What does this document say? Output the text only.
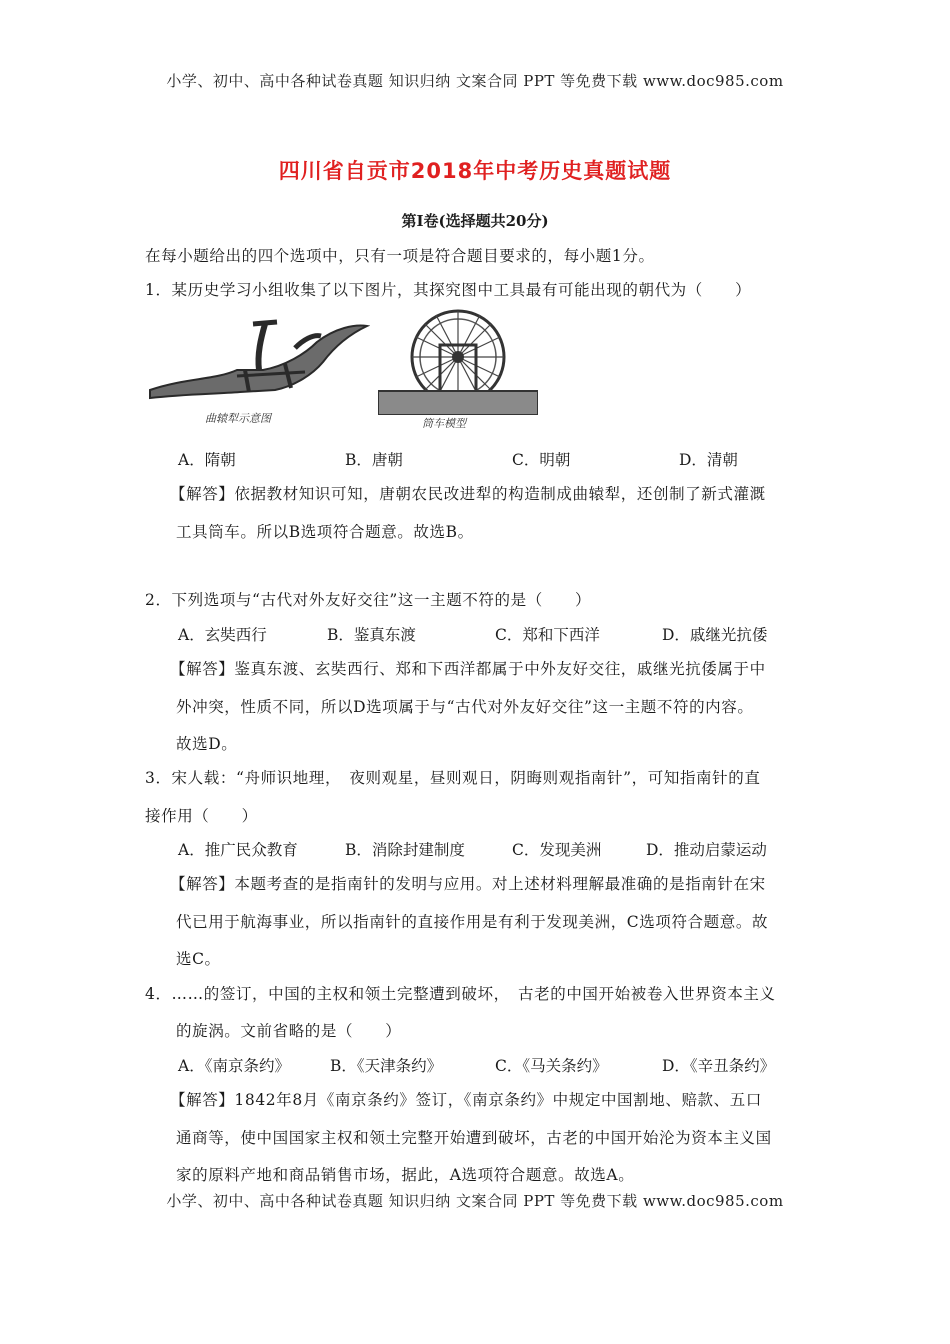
小学、初中、高中各种试卷真题 知识归纳 文案合同 PPT 等免费下载 www.doc985.com
四川省自贡市2018年中考历史真题试题
第Ⅰ卷(选择题共20分)
在每小题给出的四个选项中，只有一项是符合题目要求的，每小题1分。
1．某历史学习小组收集了以下图片，其探究图中工具最有可能出现的朝代为（　　）
曲辕犁示意图	筒车模型
A．隋朝	B．唐朝	C．明朝	D．清朝
【解答】依据教材知识可知，唐朝农民改进犁的构造制成曲辕犁，还创制了新式灌溉
工具筒车。所以B选项符合题意。故选B。
2．下列选项与“古代对外友好交往”这一主题不符的是（　　）
A．玄奘西行	B．鉴真东渡	C．郑和下西洋	D．戚继光抗倭
【解答】鉴真东渡、玄奘西行、郑和下西洋都属于中外友好交往，戚继光抗倭属于中
外冲突，性质不同，所以D选项属于与“古代对外友好交往”这一主题不符的内容。
故选D。
3．宋人载：“舟师识地理，　夜则观星，昼则观日，阴晦则观指南针”，可知指南针的直
接作用（　　）
A．推广民众教育	B．消除封建制度	C．发现美洲	D．推动启蒙运动
【解答】本题考查的是指南针的发明与应用。对上述材料理解最准确的是指南针在宋
代已用于航海事业，所以指南针的直接作用是有利于发现美洲，C选项符合题意。故
选C。
4．……的签订，中国的主权和领土完整遭到破坏，　古老的中国开始被卷入世界资本主义
的旋涡。文前省略的是（　　）
A．《南京条约》	B．《天津条约》	C．《马关条约》	D．《辛丑条约》
【解答】1842年8月《南京条约》签订，《南京条约》中规定中国割地、赔款、五口
通商等，使中国国家主权和领土完整开始遭到破坏，古老的中国开始沦为资本主义国
家的原料产地和商品销售市场，据此，A选项符合题意。故选A。
小学、初中、高中各种试卷真题 知识归纳 文案合同 PPT 等免费下载 www.doc985.com
